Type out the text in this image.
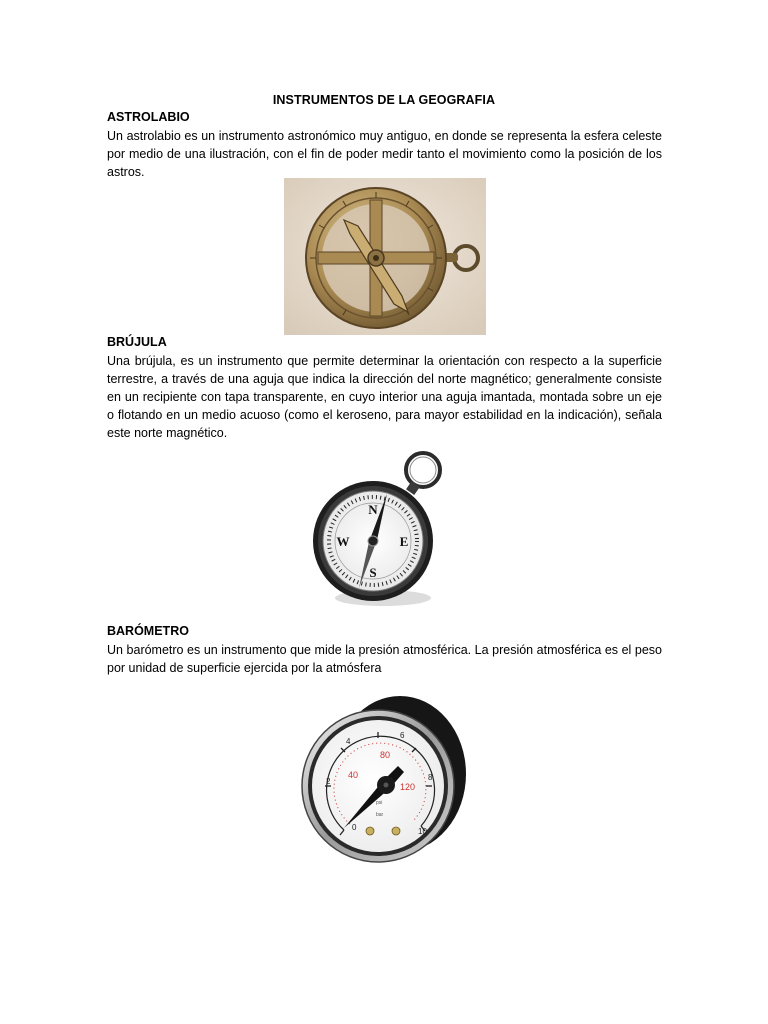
INSTRUMENTOS DE LA GEOGRAFIA
ASTROLABIO

Un astrolabio es un instrumento astronómico muy antiguo, en donde se representa la esfera celeste por medio de una ilustración, con el fin de poder medir tanto el movimiento como la posición de los astros.

BRÚJULA

Una brújula, es un instrumento que permite determinar la orientación con respecto a la superficie terrestre, a través de una aguja que indica la dirección del norte magnético; generalmente consiste en un recipiente con tapa transparente, en cuyo interior una aguja imantada, montada sobre un eje o flotando en un medio acuoso (como el keroseno, para mayor estabilidad en la indicación), señala este norte magnético.

N
E
S
W
BARÓMETRO

Un barómetro es un instrumento que mide la presión atmosférica. La presión atmosférica es el peso por unidad de superficie ejercida por la atmósfera

0
2
4
6
8
10
40
80
120
psi
bar
